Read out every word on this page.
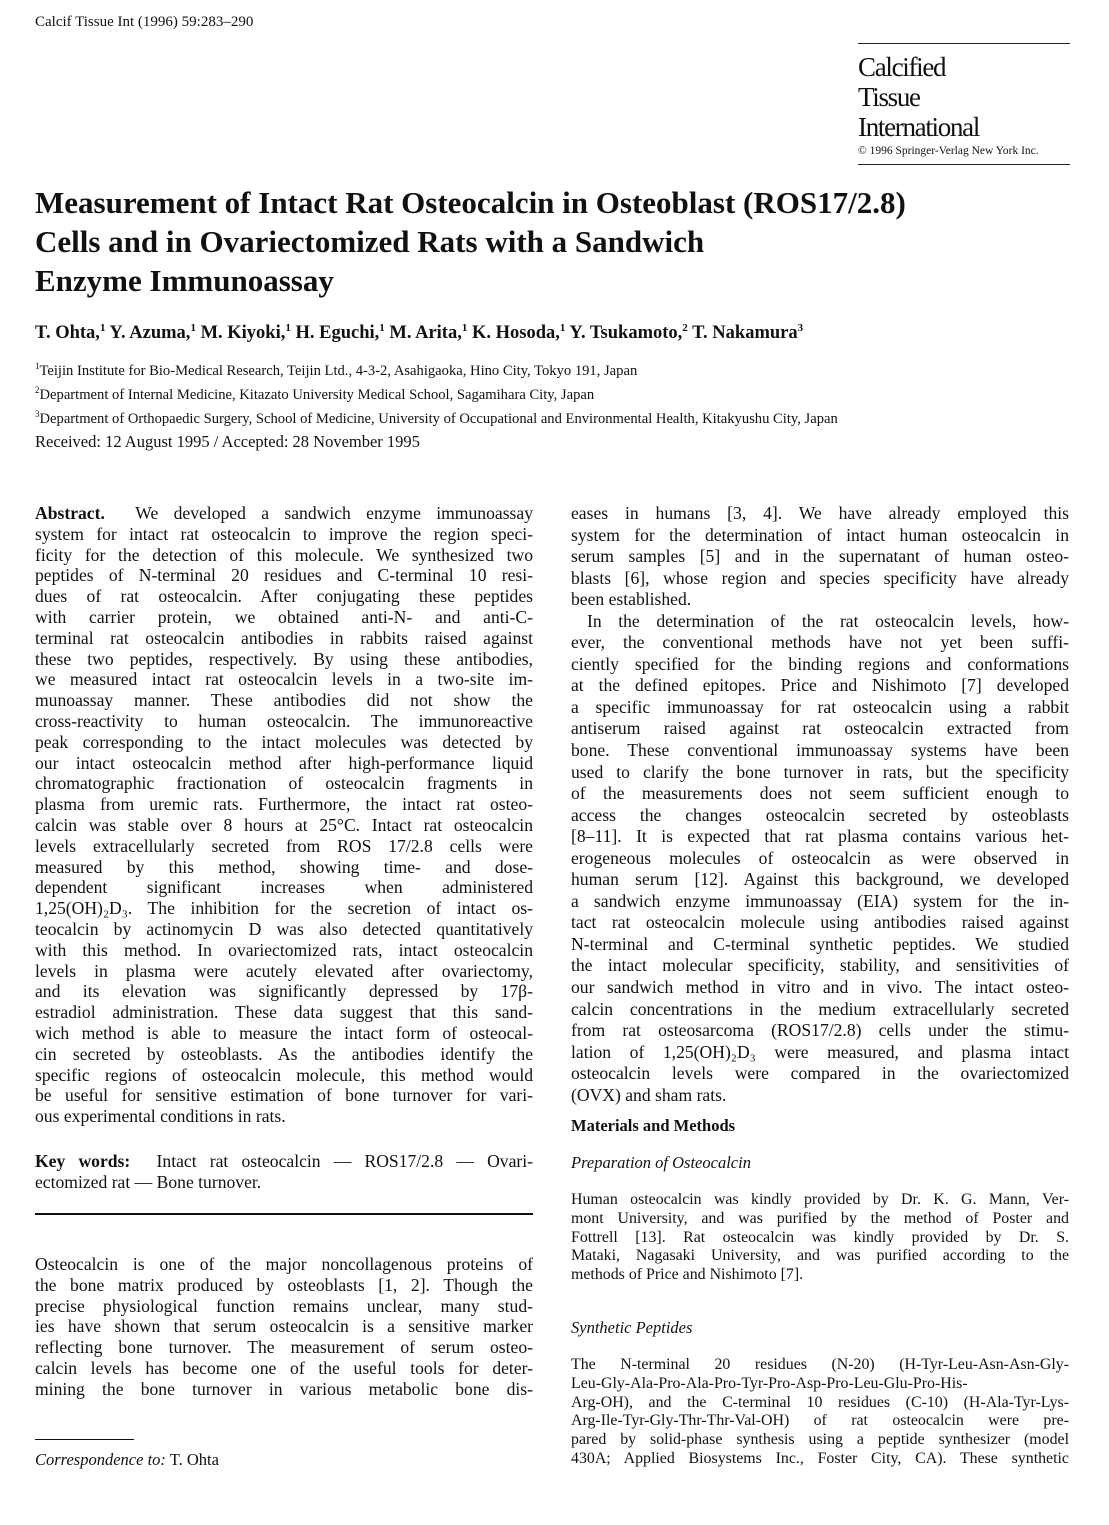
Calcif Tissue Int (1996) 59:283–290
Calcified
Tissue
International
© 1996 Springer-Verlag New York Inc.
Measurement of Intact Rat Osteocalcin in Osteoblast (ROS17/2.8)
Cells and in Ovariectomized Rats with a Sandwich
Enzyme Immunoassay
T. Ohta,$^1$ Y. Azuma,$^1$ M. Kiyoki,$^1$ H. Eguchi,$^1$ M. Arita,$^1$ K. Hosoda,$^1$ Y. Tsukamoto,$^2$ T. Nakamura$^3$
$^1$Teijin Institute for Bio-Medical Research, Teijin Ltd., 4-3-2, Asahigaoka, Hino City, Tokyo 191, Japan
$^2$Department of Internal Medicine, Kitazato University Medical School, Sagamihara City, Japan
$^3$Department of Orthopaedic Surgery, School of Medicine, University of Occupational and Environmental Health, Kitakyushu City, Japan
Received: 12 August 1995 / Accepted: 28 November 1995
Abstract. We developed a sandwich enzyme immunoassay
system for intact rat osteocalcin to improve the region speci-
ficity for the detection of this molecule. We synthesized two
peptides of N-terminal 20 residues and C-terminal 10 resi-
dues of rat osteocalcin. After conjugating these peptides
with carrier protein, we obtained anti-N- and anti-C-
terminal rat osteocalcin antibodies in rabbits raised against
these two peptides, respectively. By using these antibodies,
we measured intact rat osteocalcin levels in a two-site im-
munoassay manner. These antibodies did not show the
cross-reactivity to human osteocalcin. The immunoreactive
peak corresponding to the intact molecules was detected by
our intact osteocalcin method after high-performance liquid
chromatographic fractionation of osteocalcin fragments in
plasma from uremic rats. Furthermore, the intact rat osteo-
calcin was stable over 8 hours at 25°C. Intact rat osteocalcin
levels extracellularly secreted from ROS 17/2.8 cells were
measured by this method, showing time- and dose-
dependent significant increases when administered
1,25(OH)₂D₃. The inhibition for the secretion of intact os-
teocalcin by actinomycin D was also detected quantitatively
with this method. In ovariectomized rats, intact osteocalcin
levels in plasma were acutely elevated after ovariectomy,
and its elevation was significantly depressed by 17β-
estradiol administration. These data suggest that this sand-
wich method is able to measure the intact form of osteocal-
cin secreted by osteoblasts. As the antibodies identify the
specific regions of osteocalcin molecule, this method would
be useful for sensitive estimation of bone turnover for vari-
ous experimental conditions in rats.
Key words: Intact rat osteocalcin — ROS17/2.8 — Ovari-
ectomized rat — Bone turnover.
Osteocalcin is one of the major noncollagenous proteins of
the bone matrix produced by osteoblasts [1, 2]. Though the
precise physiological function remains unclear, many stud-
ies have shown that serum osteocalcin is a sensitive marker
reflecting bone turnover. The measurement of serum osteo-
calcin levels has become one of the useful tools for deter-
mining the bone turnover in various metabolic bone dis-
Correspondence to: T. Ohta
eases in humans [3, 4]. We have already employed this
system for the determination of intact human osteocalcin in
serum samples [5] and in the supernatant of human osteo-
blasts [6], whose region and species specificity have already
been established.
In the determination of the rat osteocalcin levels, how-
ever, the conventional methods have not yet been suffi-
ciently specified for the binding regions and conformations
at the defined epitopes. Price and Nishimoto [7] developed
a specific immunoassay for rat osteocalcin using a rabbit
antiserum raised against rat osteocalcin extracted from
bone. These conventional immunoassay systems have been
used to clarify the bone turnover in rats, but the specificity
of the measurements does not seem sufficient enough to
access the changes osteocalcin secreted by osteoblasts
[8–11]. It is expected that rat plasma contains various het-
erogeneous molecules of osteocalcin as were observed in
human serum [12]. Against this background, we developed
a sandwich enzyme immunoassay (EIA) system for the in-
tact rat osteocalcin molecule using antibodies raised against
N-terminal and C-terminal synthetic peptides. We studied
the intact molecular specificity, stability, and sensitivities of
our sandwich method in vitro and in vivo. The intact osteo-
calcin concentrations in the medium extracellularly secreted
from rat osteosarcoma (ROS17/2.8) cells under the stimu-
lation of 1,25(OH)₂D₃ were measured, and plasma intact
osteocalcin levels were compared in the ovariectomized
(OVX) and sham rats.
Materials and Methods
Preparation of Osteocalcin
Human osteocalcin was kindly provided by Dr. K. G. Mann, Ver-
mont University, and was purified by the method of Poster and
Fottrell [13]. Rat osteocalcin was kindly provided by Dr. S.
Mataki, Nagasaki University, and was purified according to the
methods of Price and Nishimoto [7].
Synthetic Peptides
The N-terminal 20 residues (N-20) (H-Tyr-Leu-Asn-Asn-Gly-
Leu-Gly-Ala-Pro-Ala-Pro-Tyr-Pro-Asp-Pro-Leu-Glu-Pro-His-
Arg-OH), and the C-terminal 10 residues (C-10) (H-Ala-Tyr-Lys-
Arg-Ile-Tyr-Gly-Thr-Thr-Val-OH) of rat osteocalcin were pre-
pared by solid-phase synthesis using a peptide synthesizer (model
430A; Applied Biosystems Inc., Foster City, CA). These synthetic
